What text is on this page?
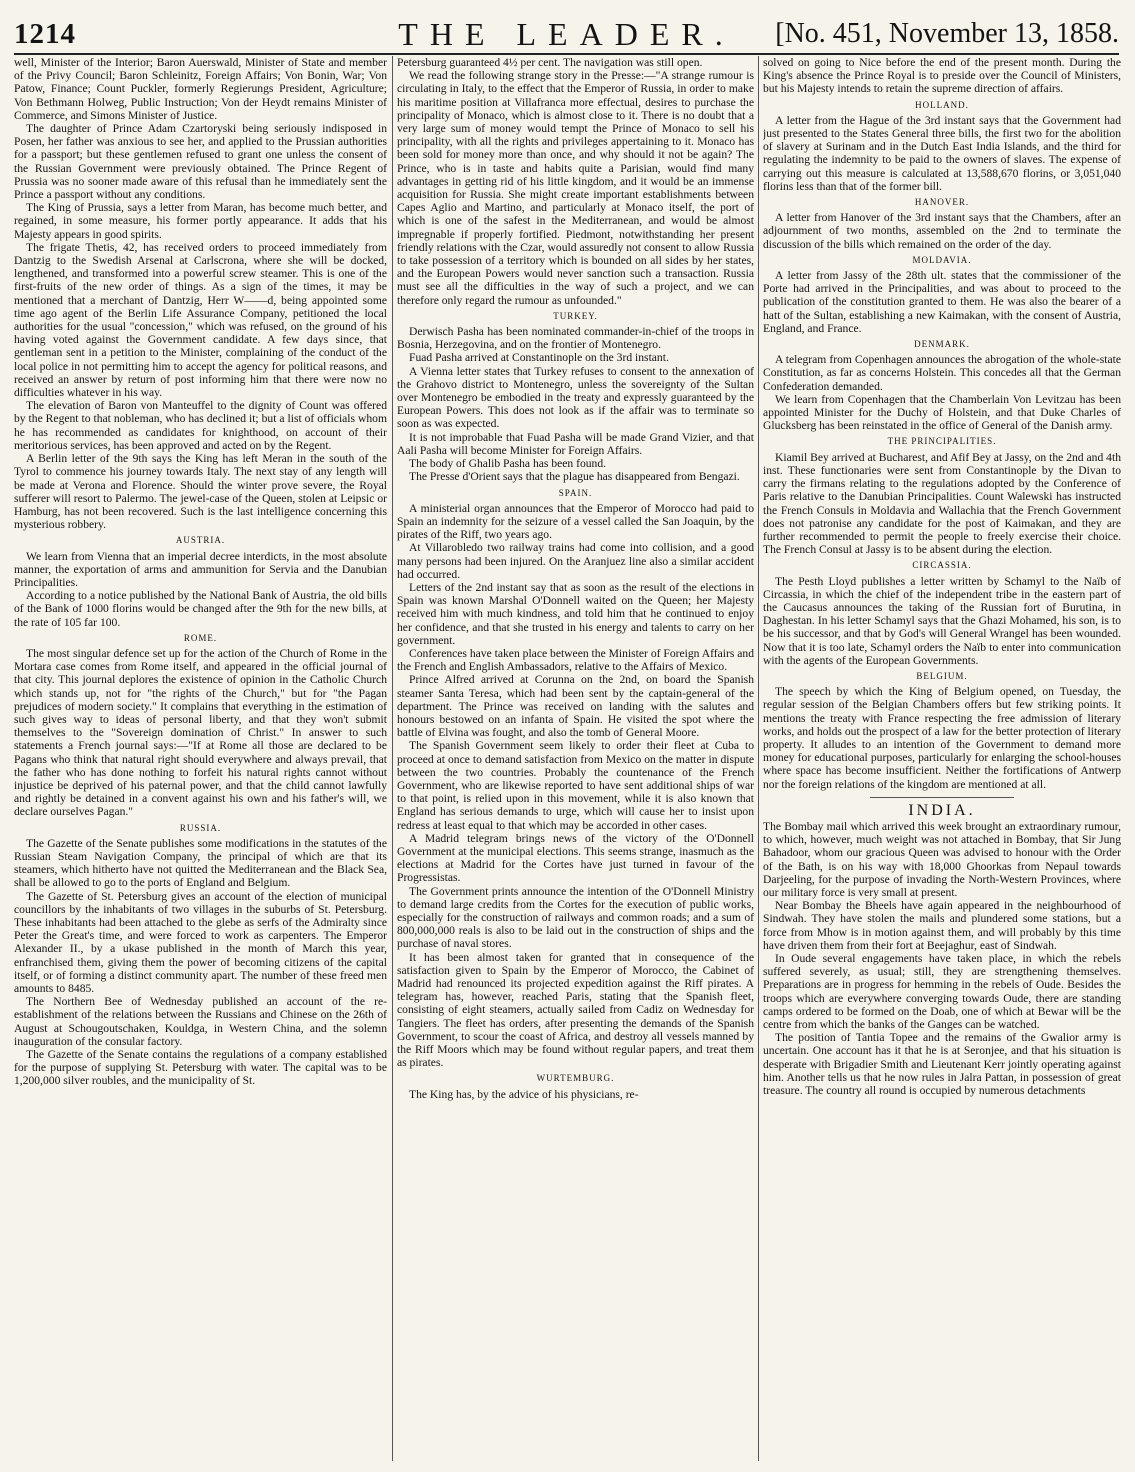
1214	THE LEADER.	[No. 451, November 13, 1858.

well, Minister of the Interior; Baron Auerswald, Minister of State and member of the Privy Council; Baron Schleinitz, Foreign Affairs; Von Bonin, War; Von Patow, Finance; Count Puckler, formerly Regierungs President, Agriculture; Von Bethmann Holweg, Public Instruction; Von der Heydt remains Minister of Commerce, and Simons Minister of Justice.

The daughter of Prince Adam Czartoryski being seriously indisposed in Posen, her father was anxious to see her, and applied to the Prussian authorities for a passport; but these gentlemen refused to grant one unless the consent of the Russian Government were previously obtained. The Prince Regent of Prussia was no sooner made aware of this refusal than he immediately sent the Prince a passport without any conditions.

The King of Prussia, says a letter from Maran, has become much better, and regained, in some measure, his former portly appearance. It adds that his Majesty appears in good spirits.

The frigate Thetis, 42, has received orders to proceed immediately from Dantzig to the Swedish Arsenal at Carlscrona, where she will be docked, lengthened, and transformed into a powerful screw steamer. This is one of the first-fruits of the new order of things. As a sign of the times, it may be mentioned that a merchant of Dantzig, Herr W——d, being appointed some time ago agent of the Berlin Life Assurance Company, petitioned the local authorities for the usual "concession," which was refused, on the ground of his having voted against the Government candidate. A few days since, that gentleman sent in a petition to the Minister, complaining of the conduct of the local police in not permitting him to accept the agency for political reasons, and received an answer by return of post informing him that there were now no difficulties whatever in his way.

The elevation of Baron von Manteuffel to the dignity of Count was offered by the Regent to that nobleman, who has declined it; but a list of officials whom he has recommended as candidates for knighthood, on account of their meritorious services, has been approved and acted on by the Regent.

A Berlin letter of the 9th says the King has left Meran in the south of the Tyrol to commence his journey towards Italy. The next stay of any length will be made at Verona and Florence. Should the winter prove severe, the Royal sufferer will resort to Palermo. The jewel-case of the Queen, stolen at Leipsic or Hamburg, has not been recovered. Such is the last intelligence concerning this mysterious robbery.

AUSTRIA.

We learn from Vienna that an imperial decree interdicts, in the most absolute manner, the exportation of arms and ammunition for Servia and the Danubian Principalities.

According to a notice published by the National Bank of Austria, the old bills of the Bank of 1000 florins would be changed after the 9th for the new bills, at the rate of 105 far 100.

ROME.

The most singular defence set up for the action of the Church of Rome in the Mortara case comes from Rome itself, and appeared in the official journal of that city. This journal deplores the existence of opinion in the Catholic Church which stands up, not for "the rights of the Church," but for "the Pagan prejudices of modern society." It complains that everything in the estimation of such gives way to ideas of personal liberty, and that they won't submit themselves to the "Sovereign domination of Christ." In answer to such statements a French journal says:—"If at Rome all those are declared to be Pagans who think that natural right should everywhere and always prevail, that the father who has done nothing to forfeit his natural rights cannot without injustice be deprived of his paternal power, and that the child cannot lawfully and rightly be detained in a convent against his own and his father's will, we declare ourselves Pagan."

RUSSIA.

The Gazette of the Senate publishes some modifications in the statutes of the Russian Steam Navigation Company, the principal of which are that its steamers, which hitherto have not quitted the Mediterranean and the Black Sea, shall be allowed to go to the ports of England and Belgium.

The Gazette of St. Petersburg gives an account of the election of municipal councillors by the inhabitants of two villages in the suburbs of St. Petersburg. These inhabitants had been attached to the glebe as serfs of the Admiralty since Peter the Great's time, and were forced to work as carpenters. The Emperor Alexander II., by a ukase published in the month of March this year, enfranchised them, giving them the power of becoming citizens of the capital itself, or of forming a distinct community apart. The number of these freed men amounts to 8485.

The Northern Bee of Wednesday published an account of the re-establishment of the relations between the Russians and Chinese on the 26th of August at Schougoutschaken, Kouldga, in Western China, and the solemn inauguration of the consular factory.

The Gazette of the Senate contains the regulations of a company established for the purpose of supplying St. Petersburg with water. The capital was to be 1,200,000 silver roubles, and the municipality of St.

Petersburg guaranteed 4½ per cent. The navigation was still open.

We read the following strange story in the Presse:—"A strange rumour is circulating in Italy, to the effect that the Emperor of Russia, in order to make his maritime position at Villafranca more effectual, desires to purchase the principality of Monaco, which is almost close to it. There is no doubt that a very large sum of money would tempt the Prince of Monaco to sell his principality, with all the rights and privileges appertaining to it. Monaco has been sold for money more than once, and why should it not be again? The Prince, who is in taste and habits quite a Parisian, would find many advantages in getting rid of his little kingdom, and it would be an immense acquisition for Russia. She might create important establishments between Capes Aglio and Martino, and particularly at Monaco itself, the port of which is one of the safest in the Mediterranean, and would be almost impregnable if properly fortified. Piedmont, notwithstanding her present friendly relations with the Czar, would assuredly not consent to allow Russia to take possession of a territory which is bounded on all sides by her states, and the European Powers would never sanction such a transaction. Russia must see all the difficulties in the way of such a project, and we can therefore only regard the rumour as unfounded."

TURKEY.

Derwisch Pasha has been nominated commander-in-chief of the troops in Bosnia, Herzegovina, and on the frontier of Montenegro.

Fuad Pasha arrived at Constantinople on the 3rd instant.

A Vienna letter states that Turkey refuses to consent to the annexation of the Grahovo district to Montenegro, unless the sovereignty of the Sultan over Montenegro be embodied in the treaty and expressly guaranteed by the European Powers. This does not look as if the affair was to terminate so soon as was expected.

It is not improbable that Fuad Pasha will be made Grand Vizier, and that Aali Pasha will become Minister for Foreign Affairs.

The body of Ghalib Pasha has been found.

The Presse d'Orient says that the plague has disappeared from Bengazi.

SPAIN.

A ministerial organ announces that the Emperor of Morocco had paid to Spain an indemnity for the seizure of a vessel called the San Joaquin, by the pirates of the Riff, two years ago.

At Villarobledo two railway trains had come into collision, and a good many persons had been injured. On the Aranjuez line also a similar accident had occurred.

Letters of the 2nd instant say that as soon as the result of the elections in Spain was known Marshal O'Donnell waited on the Queen; her Majesty received him with much kindness, and told him that he continued to enjoy her confidence, and that she trusted in his energy and talents to carry on her government.

Conferences have taken place between the Minister of Foreign Affairs and the French and English Ambassadors, relative to the Affairs of Mexico.

Prince Alfred arrived at Corunna on the 2nd, on board the Spanish steamer Santa Teresa, which had been sent by the captain-general of the department. The Prince was received on landing with the salutes and honours bestowed on an infanta of Spain. He visited the spot where the battle of Elvina was fought, and also the tomb of General Moore.

The Spanish Government seem likely to order their fleet at Cuba to proceed at once to demand satisfaction from Mexico on the matter in dispute between the two countries. Probably the countenance of the French Government, who are likewise reported to have sent additional ships of war to that point, is relied upon in this movement, while it is also known that England has serious demands to urge, which will cause her to insist upon redress at least equal to that which may be accorded in other cases.

A Madrid telegram brings news of the victory of the O'Donnell Government at the municipal elections. This seems strange, inasmuch as the elections at Madrid for the Cortes have just turned in favour of the Progressistas.

The Government prints announce the intention of the O'Donnell Ministry to demand large credits from the Cortes for the execution of public works, especially for the construction of railways and common roads; and a sum of 800,000,000 reals is also to be laid out in the construction of ships and the purchase of naval stores.

It has been almost taken for granted that in consequence of the satisfaction given to Spain by the Emperor of Morocco, the Cabinet of Madrid had renounced its projected expedition against the Riff pirates. A telegram has, however, reached Paris, stating that the Spanish fleet, consisting of eight steamers, actually sailed from Cadiz on Wednesday for Tangiers. The fleet has orders, after presenting the demands of the Spanish Government, to scour the coast of Africa, and destroy all vessels manned by the Riff Moors which may be found without regular papers, and treat them as pirates.

WURTEMBURG.

The King has, by the advice of his physicians, re-

solved on going to Nice before the end of the present month. During the King's absence the Prince Royal is to preside over the Council of Ministers, but his Majesty intends to retain the supreme direction of affairs.

HOLLAND.

A letter from the Hague of the 3rd instant says that the Government had just presented to the States General three bills, the first two for the abolition of slavery at Surinam and in the Dutch East India Islands, and the third for regulating the indemnity to be paid to the owners of slaves. The expense of carrying out this measure is calculated at 13,588,670 florins, or 3,051,040 florins less than that of the former bill.

HANOVER.

A letter from Hanover of the 3rd instant says that the Chambers, after an adjournment of two months, assembled on the 2nd to terminate the discussion of the bills which remained on the order of the day.

MOLDAVIA.

A letter from Jassy of the 28th ult. states that the commissioner of the Porte had arrived in the Principalities, and was about to proceed to the publication of the constitution granted to them. He was also the bearer of a hatt of the Sultan, establishing a new Kaimakan, with the consent of Austria, England, and France.

DENMARK.

A telegram from Copenhagen announces the abrogation of the whole-state Constitution, as far as concerns Holstein. This concedes all that the German Confederation demanded.

We learn from Copenhagen that the Chamberlain Von Levitzau has been appointed Minister for the Duchy of Holstein, and that Duke Charles of Glucksberg has been reinstated in the office of General of the Danish army.

THE PRINCIPALITIES.

Kiamil Bey arrived at Bucharest, and Afif Bey at Jassy, on the 2nd and 4th inst. These functionaries were sent from Constantinople by the Divan to carry the firmans relating to the regulations adopted by the Conference of Paris relative to the Danubian Principalities. Count Walewski has instructed the French Consuls in Moldavia and Wallachia that the French Government does not patronise any candidate for the post of Kaimakan, and they are further recommended to permit the people to freely exercise their choice. The French Consul at Jassy is to be absent during the election.

CIRCASSIA.

The Pesth Lloyd publishes a letter written by Schamyl to the Naïb of Circassia, in which the chief of the independent tribe in the eastern part of the Caucasus announces the taking of the Russian fort of Burutina, in Daghestan. In his letter Schamyl says that the Ghazi Mohamed, his son, is to be his successor, and that by God's will General Wrangel has been wounded. Now that it is too late, Schamyl orders the Naïb to enter into communication with the agents of the European Governments.

BELGIUM.

The speech by which the King of Belgium opened, on Tuesday, the regular session of the Belgian Chambers offers but few striking points. It mentions the treaty with France respecting the free admission of literary works, and holds out the prospect of a law for the better protection of literary property. It alludes to an intention of the Government to demand more money for educational purposes, particularly for enlarging the school-houses where space has become insufficient. Neither the fortifications of Antwerp nor the foreign relations of the kingdom are mentioned at all.

INDIA.

The Bombay mail which arrived this week brought an extraordinary rumour, to which, however, much weight was not attached in Bombay, that Sir Jung Bahadoor, whom our gracious Queen was advised to honour with the Order of the Bath, is on his way with 18,000 Ghoorkas from Nepaul towards Darjeeling, for the purpose of invading the North-Western Provinces, where our military force is very small at present.

Near Bombay the Bheels have again appeared in the neighbourhood of Sindwah. They have stolen the mails and plundered some stations, but a force from Mhow is in motion against them, and will probably by this time have driven them from their fort at Beejaghur, east of Sindwah.

In Oude several engagements have taken place, in which the rebels suffered severely, as usual; still, they are strengthening themselves. Preparations are in progress for hemming in the rebels of Oude. Besides the troops which are everywhere converging towards Oude, there are standing camps ordered to be formed on the Doab, one of which at Bewar will be the centre from which the banks of the Ganges can be watched.

The position of Tantia Topee and the remains of the Gwalior army is uncertain. One account has it that he is at Seronjee, and that his situation is desperate with Brigadier Smith and Lieutenant Kerr jointly operating against him. Another tells us that he now rules in Jalra Pattan, in possession of great treasure. The country all round is occupied by numerous detachments
